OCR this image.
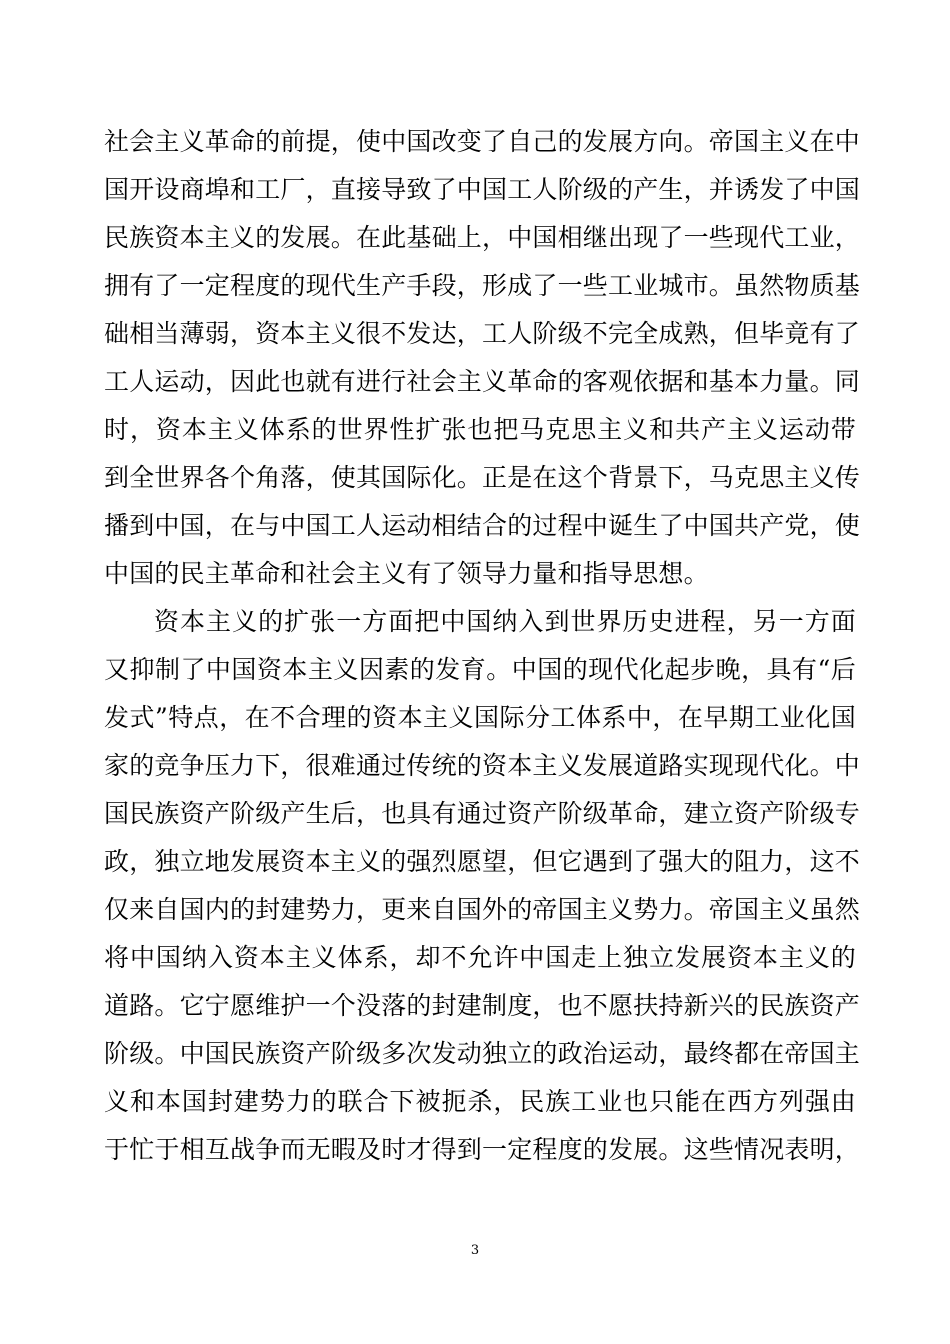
社会主义革命的前提，使中国改变了自己的发展方向。帝国主义在中
国开设商埠和工厂，直接导致了中国工人阶级的产生，并诱发了中国
民族资本主义的发展。在此基础上，中国相继出现了一些现代工业，
拥有了一定程度的现代生产手段，形成了一些工业城市。虽然物质基
础相当薄弱，资本主义很不发达，工人阶级不完全成熟，但毕竟有了
工人运动，因此也就有进行社会主义革命的客观依据和基本力量。同
时，资本主义体系的世界性扩张也把马克思主义和共产主义运动带
到全世界各个角落，使其国际化。正是在这个背景下，马克思主义传
播到中国，在与中国工人运动相结合的过程中诞生了中国共产党，使
中国的民主革命和社会主义有了领导力量和指导思想。
资本主义的扩张一方面把中国纳入到世界历史进程，另一方面
又抑制了中国资本主义因素的发育。中国的现代化起步晚，具有“后
发式”特点，在不合理的资本主义国际分工体系中，在早期工业化国
家的竞争压力下，很难通过传统的资本主义发展道路实现现代化。中
国民族资产阶级产生后，也具有通过资产阶级革命，建立资产阶级专
政，独立地发展资本主义的强烈愿望，但它遇到了强大的阻力，这不
仅来自国内的封建势力，更来自国外的帝国主义势力。帝国主义虽然
将中国纳入资本主义体系，却不允许中国走上独立发展资本主义的
道路。它宁愿维护一个没落的封建制度，也不愿扶持新兴的民族资产
阶级。中国民族资产阶级多次发动独立的政治运动，最终都在帝国主
义和本国封建势力的联合下被扼杀，民族工业也只能在西方列强由
于忙于相互战争而无暇及时才得到一定程度的发展。这些情况表明，
3
